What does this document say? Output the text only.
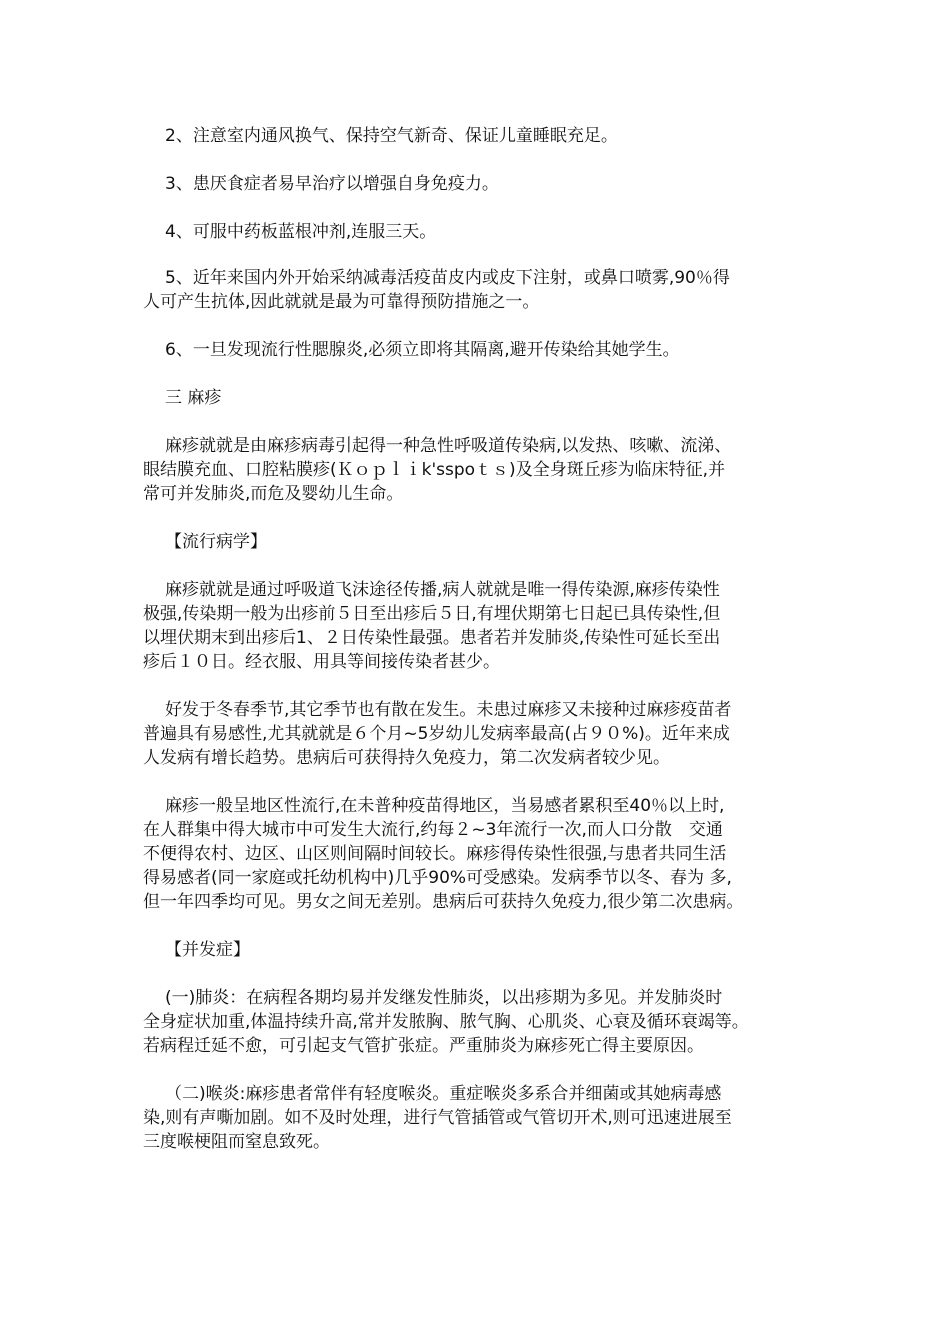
2、注意室内通风换气、保持空气新奇、保证儿童睡眠充足。

3、患厌食症者易早治疗以增强自身免疫力。

4、可服中药板蓝根冲剂,连服三天。

5、近年来国内外开始采纳减毒活疫苗皮内或皮下注射，或鼻口喷雾,90％得
人可产生抗体,因此就就是最为可靠得预防措施之一。

6、一旦发现流行性腮腺炎,必须立即将其隔离,避开传染给其她学生。

三 麻疹

麻疹就就是由麻疹病毒引起得一种急性呼吸道传染病,以发热、咳嗽、流涕、
眼结膜充血、口腔粘膜疹(Ｋｏｐｌｉk'sspoｔｓ)及全身斑丘疹为临床特征,并
常可并发肺炎,而危及婴幼儿生命。

【流行病学】

麻疹就就是通过呼吸道飞沫途径传播,病人就就是唯一得传染源,麻疹传染性
极强,传染期一般为出疹前５日至出疹后５日,有埋伏期第七日起已具传染性,但
以埋伏期末到出疹后1、２日传染性最强。患者若并发肺炎,传染性可延长至出
疹后１０日。经衣服、用具等间接传染者甚少。

好发于冬春季节,其它季节也有散在发生。未患过麻疹又未接种过麻疹疫苗者
普遍具有易感性,尤其就就是６个月~5岁幼儿发病率最高(占９０%)。近年来成
人发病有增长趋势。患病后可获得持久免疫力，第二次发病者较少见。

麻疹一般呈地区性流行,在未普种疫苗得地区，当易感者累积至40％以上时,
在人群集中得大城市中可发生大流行,约每２~3年流行一次,而人口分散　交通
不便得农村、边区、山区则间隔时间较长。麻疹得传染性很强,与患者共同生活
得易感者(同一家庭或托幼机构中)几乎90%可受感染。发病季节以冬、春为 多,
但一年四季均可见。男女之间无差别。患病后可获持久免疫力,很少第二次患病。

【并发症】

(一)肺炎：在病程各期均易并发继发性肺炎，以出疹期为多见。并发肺炎时
全身症状加重,体温持续升高,常并发脓胸、脓气胸、心肌炎、心衰及循环衰竭等。
若病程迁延不愈，可引起支气管扩张症。严重肺炎为麻疹死亡得主要原因。

（二)喉炎:麻疹患者常伴有轻度喉炎。重症喉炎多系合并细菌或其她病毒感
染,则有声嘶加剧。如不及时处理，进行气管插管或气管切开术,则可迅速进展至
三度喉梗阻而窒息致死。
